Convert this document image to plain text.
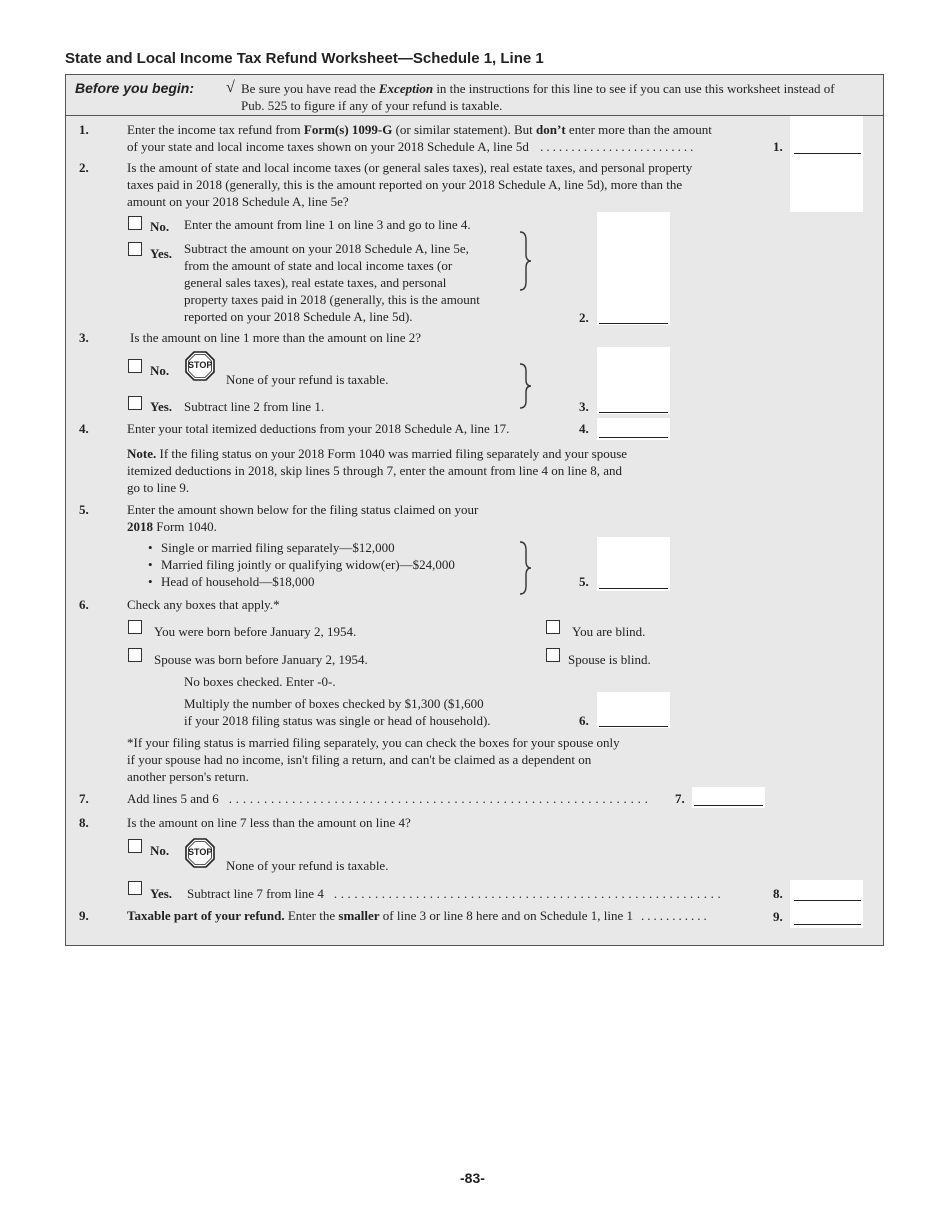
State and Local Income Tax Refund Worksheet—Schedule 1, Line 1
Before you begin: √ Be sure you have read the Exception in the instructions for this line to see if you can use this worksheet instead of
Pub. 525 to figure if any of your refund is taxable.
1.	Enter the income tax refund from Form(s) 1099-G (or similar statement). But don’t enter more than the amount
of your state and local income taxes shown on your 2018 Schedule A, line 5d .........................	1.
2.	Is the amount of state and local income taxes (or general sales taxes), real estate taxes, and personal property
taxes paid in 2018 (generally, this is the amount reported on your 2018 Schedule A, line 5d), more than the
amount on your 2018 Schedule A, line 5e?
No. Enter the amount from line 1 on line 3 and go to line 4.
Yes. Subtract the amount on your 2018 Schedule A, line 5e,
from the amount of state and local income taxes (or
general sales taxes), real estate taxes, and personal
property taxes paid in 2018 (generally, this is the amount
reported on your 2018 Schedule A, line 5d).	2.
3.	Is the amount on line 1 more than the amount on line 2?
No. STOP
None of your refund is taxable.
Yes. Subtract line 2 from line 1.	3.
4.	Enter your total itemized deductions from your 2018 Schedule A, line 17.	4.
Note. If the filing status on your 2018 Form 1040 was married filing separately and your spouse
itemized deductions in 2018, skip lines 5 through 7, enter the amount from line 4 on line 8, and
go to line 9.
5.	Enter the amount shown below for the filing status claimed on your
2018 Form 1040.
• Single or married filing separately—$12,000
• Married filing jointly or qualifying widow(er)—$24,000
• Head of household—$18,000	5.
6.	Check any boxes that apply.*
You were born before January 2, 1954.	You are blind.
Spouse was born before January 2, 1954.	Spouse is blind.
No boxes checked. Enter -0-.
Multiply the number of boxes checked by $1,300 ($1,600
if your 2018 filing status was single or head of household).	6.
*If your filing status is married filing separately, you can check the boxes for your spouse only
if your spouse had no income, isn't filing a return, and can't be claimed as a dependent on
another person's return.
7.	Add lines 5 and 6 ............................................................ 7.
8.	Is the amount on line 7 less than the amount on line 4?
No. STOP
None of your refund is taxable.
Yes. Subtract line 7 from line 4 .........................................................	8.
9.	Taxable part of your refund. Enter the smaller of line 3 or line 8 here and on Schedule 1, line 1 ...........	9.
-83-
